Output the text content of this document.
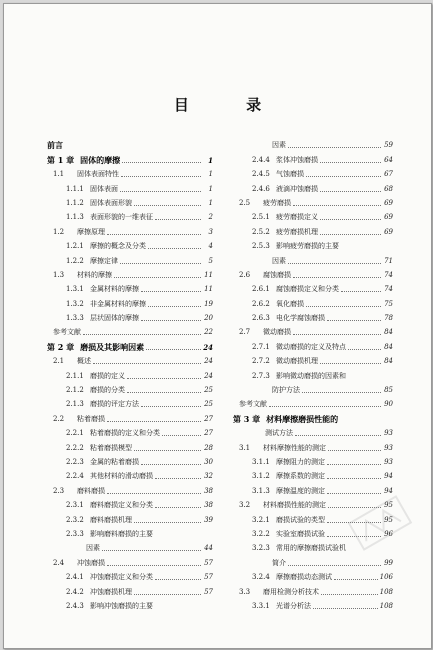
目 录
前言
第 1 章 固体的摩擦	1
1.1	固体表面特性	1
1.1.1 固体表面	1
1.1.2 固体表面形貌	1
1.1.3 表面形貌的一维表征	2
1.2	摩擦原理	3
1.2.1 摩擦的概念及分类	4
1.2.2 摩擦定律	5
1.3	材料的摩擦	11
1.3.1 金属材料的摩擦	11
1.3.2 非金属材料的摩擦	19
1.3.3 层状固体的摩擦	20
参考文献	22
第 2 章 磨损及其影响因素	24
2.1	概述	24
2.1.1 磨损的定义	24
2.1.2 磨损的分类	25
2.1.3 磨损的评定方法	25
2.2	粘着磨损	27
2.2.1 粘着磨损的定义和分类	27
2.2.2 粘着磨损模型	28
2.2.3 金属的粘着磨损	30
2.2.4 其他材料的滑动磨损	32
2.3	磨料磨损	38
2.3.1 磨料磨损定义和分类	38
2.3.2 磨料磨损机理	39
2.3.3 影响磨料磨损的主要
因素	44
2.4	冲蚀磨损	57
2.4.1 冲蚀磨损定义和分类	57
2.4.2 冲蚀磨损机理	57
2.4.3 影响冲蚀磨损的主要
因素	59
2.4.4 浆体冲蚀磨损	64
2.4.5 气蚀磨损	67
2.4.6 液滴冲蚀磨损	68
2.5	疲劳磨损	69
2.5.1 疲劳磨损定义	69
2.5.2 疲劳磨损机理	69
2.5.3 影响疲劳磨损的主要
因素	71
2.6	腐蚀磨损	74
2.6.1 腐蚀磨损定义和分类	74
2.6.2 氧化磨损	75
2.6.3 电化学腐蚀磨损	78
2.7	微动磨损	84
2.7.1 微动磨损的定义及特点	84
2.7.2 微动磨损机理	84
2.7.3 影响微动磨损的因素和
防护方法	85
参考文献	90
第 3 章 材料摩擦磨损性能的
测试方法	93
3.1	材料摩擦性能的测定	93
3.1.1 摩擦阻力的测定	93
3.1.2 摩擦系数的测定	94
3.1.3 摩擦温度的测定	94
3.2	材料磨损性能的测定	95
3.2.1 磨损试验的类型	95
3.2.2 实验室磨损试验	96
3.2.3 常用的摩擦磨损试验机
简介	99
3.2.4 摩擦磨损动态测试	106
3.3	磨用检测分析技术	108
3.3.1 光谱分析法	108
